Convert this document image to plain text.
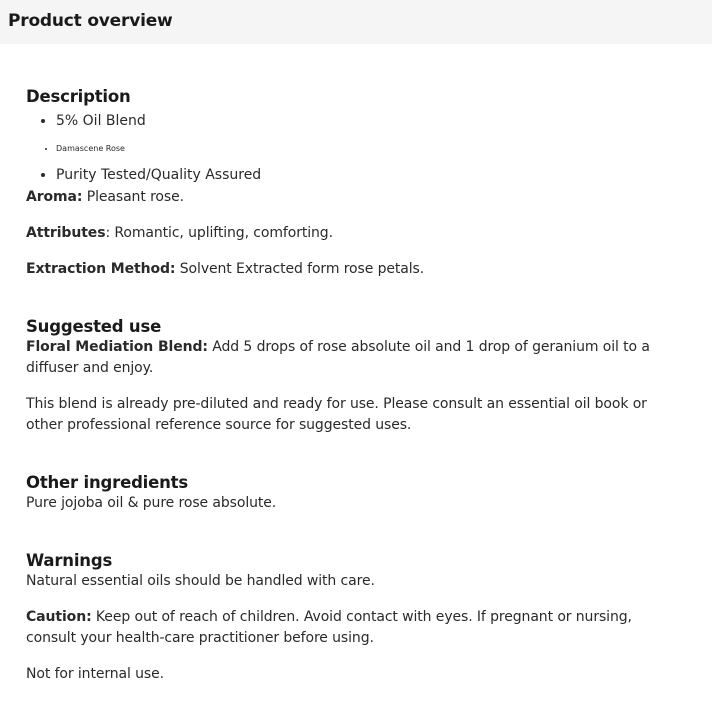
Product overview
Description
• 5% Oil Blend
• Damascene Rose
• Purity Tested/Quality Assured

Aroma: Pleasant rose.

Attributes: Romantic, uplifting, comforting.

Extraction Method: Solvent Extracted form rose petals.

Suggested use

Floral Mediation Blend: Add 5 drops of rose absolute oil and 1 drop of geranium oil to a diffuser and enjoy.

This blend is already pre-diluted and ready for use. Please consult an essential oil book or other professional reference source for suggested uses.

Other ingredients

Pure jojoba oil & pure rose absolute.

Warnings

Natural essential oils should be handled with care.

Caution: Keep out of reach of children. Avoid contact with eyes. If pregnant or nursing, consult your health-care practitioner before using.

Not for internal use.
